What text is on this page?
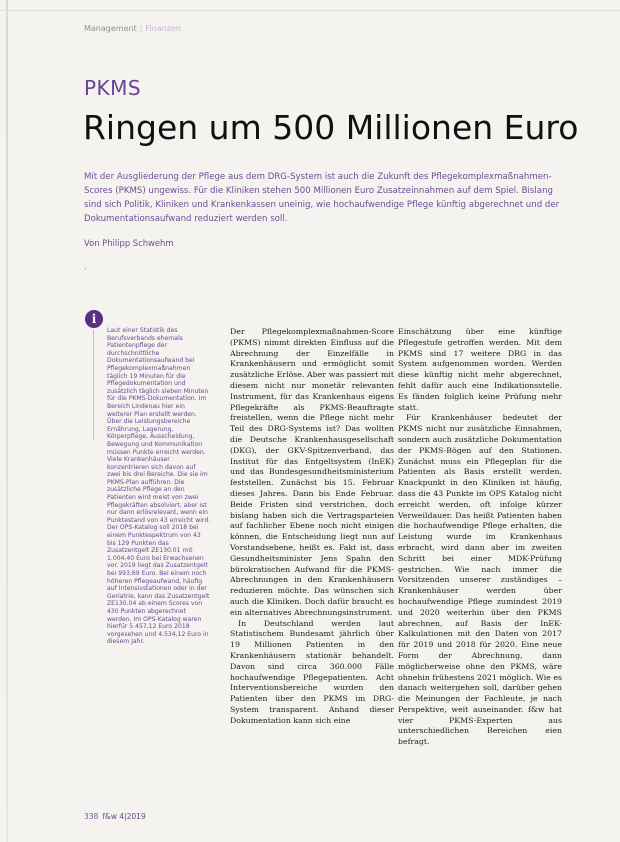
Management | Finanzen
PKMS
Ringen um 500 Millionen Euro
Mit der Ausgliederung der Pflege aus dem DRG-System ist auch die Zukunft des Pflegekomplexmaßnahmen-Scores (PKMS) ungewiss. Für die Kliniken stehen 500 Millionen Euro Zusatzeinnahmen auf dem Spiel. Bislang sind sich Politik, Kliniken und Krankenkassen uneinig, wie hochaufwendige Pflege künftig abgerechnet und der Dokumentationsaufwand reduziert werden soll.
Von Philipp Schwehm
·
i
Laut einer Statistik des Berufsverbands ehemals Patientenpflege der durchschnittliche Dokumentationsaufwand bei Pflegekomplexmaßnahmen täglich 19 Minuten für die Pflegedokumentation und zusätzlich täglich sieben Minuten für die PKMS-Dokumentation. Im Bereich Lindenau hier ein weiterer Plan erstellt werden. Über die Leistungsbereiche Ernährung, Lagerung, Körperpflege, Ausscheidung, Bewegung und Kommunikation müssen Punkte erreicht werden. Viele Krankenhäuser konzentrieren sich davon auf zwei bis drei Bereiche. Die sie im PKMS-Plan aufführen. Die zusätzliche Pflege an den Patienten wird meist von zwei Pflegekräften absolviert, aber ist nur dann erlösrelevant, wenn ein Punktestand von 43 erreicht wird. Der OPS-Katalog soll 2018 bei einem Punktespektrum von 43 bis 129 Punkten das Zusatzentgelt ZE130.01 mit 1.004,40 Euro bei Erwachsenen vor. 2019 liegt das Zusatzentgelt bei 993,69 Euro. Bei einem noch höheren Pflegeaufwand, häufig auf Intensivstationen oder in der Geriatrie, kann das Zusatzentgelt ZE130.04 ab einem Scores von 430 Punkten abgerechnet werden. Im OPS-Katalog waren hierfür 5.457,12 Euro 2018 vorgesehen und 4.534,12 Euro in diesem Jahr.

Der Pflegekomplexmaßnahmen-Score (PKMS) nimmt direkten Einfluss auf die Abrechnung der Einzelfälle in Krankenhäusern und ermöglicht somit zusätzliche Erlöse. Aber was passiert mit diesem nicht nur monetär relevanten Instrument, für das Krankenhaus eigens Pflegekräfte als PKMS-Beauftragte freistellen, wenn die Pflege nicht mehr Teil des DRG-Systems ist? Das wollten die Deutsche Krankenhausgesellschaft (DKG), der GKV-Spitzenverband, das Institut für das Entgeltsystem (InEK) und das Bundesgesundheitsministerium feststellen. Zunächst bis 15. Februar dieses Jahres. Dann bis Ende Februar. Beide Fristen sind verstrichen, doch bislang haben sich die Vertragsparteien auf fachlicher Ebene noch nicht einigen können, die Entscheidung liegt nun auf Vorstandsebene, heißt es. Fakt ist, dass Gesundheitsminister Jens Spahn den bürokratischen Aufwand für die PKMS-Abrechnungen in den Krankenhäusern reduzieren möchte. Das wünschen sich auch die Kliniken. Doch dafür braucht es ein alternatives Abrechnungsinstrument.

In Deutschland werden laut Statistischem Bundesamt jährlich über 19 Millionen Patienten in den Krankenhäusern stationär behandelt. Davon sind circa 360.000 Fälle hochaufwendige Pflegepatienten. Acht Interventionsbereiche wurden den Patienten über den PKMS im DRG-System transparent. Anhand dieser Dokumentation kann sich eine

Einschätzung über eine künftige Pflegestufe getroffen werden. Mit dem PKMS sind 17 weitere DRG in das System aufgenommen worden. Werden diese künftig nicht mehr abgerechnet, fehlt dafür auch eine Indikationsstelle. Es fänden folglich keine Prüfung mehr statt.

Für Krankenhäuser bedeutet der PKMS nicht nur zusätzliche Einnahmen, sondern auch zusätzliche Dokumentation der PKMS-Bögen auf den Stationen. Zunächst muss ein Pflegeplan für die Patienten als Basis erstellt werden. Knackpunkt in den Kliniken ist häufig, dass die 43 Punkte im OPS Katalog nicht erreicht werden, oft infolge kürzer Verweildauer. Das heißt Patienten haben die hochaufwendige Pflege erhalten, die Leistung wurde im Krankenhaus erbracht, wird dann aber im zweiten Schritt bei einer MDK-Prüfung gestrichen. Wie nach immer die Vorsitzenden unserer zuständiges – Krankenhäuser werden über hochaufwendige Pflege zumindest 2019 und 2020 weiterhin über den PKMS abrechnen, auf Basis der InEK-Kalkulationen mit den Daten von 2017 für 2019 und 2018 für 2020. Eine neue Form der Abrechnung, dann möglicherweise ohne den PKMS, wäre ohnehin frühestens 2021 möglich. Wie es danach weitergehen soll, darüber gehen die Meinungen der Fachleute, je nach Perspektive, weit auseinander. f&w hat vier PKMS-Experten aus unterschiedlichen Bereichen eien befragt.

338 f&w 4|2019
